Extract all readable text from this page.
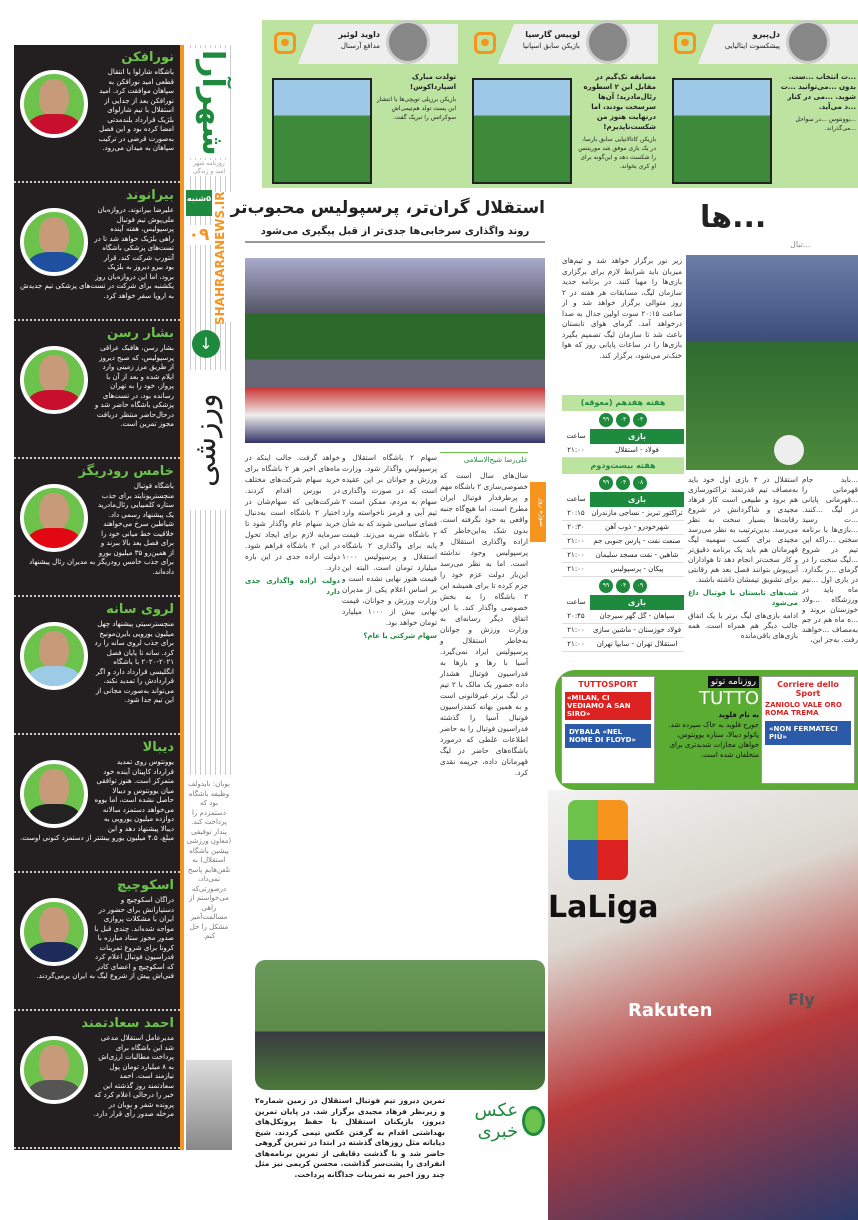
نورافکن

باشگاه شارلوا با انتقال قطعی امید نورافکن به سپاهان موافقت کرد. امید نورافکن بعد از جدایی از استقلال با تیم شارلوای بلژیک قرارداد بلندمدتی امضا کرده بود و این فصل به‌صورت قرضی در ترکیب سپاهان به میدان می‌رود.

بیرانوند

علیرضا بیرانوند، دروازه‌بان ملی‌پوش تیم فوتبال پرسپولیس، هفته آینده راهی بلژیک خواهد شد تا در تست‌های پزشکی باشگاه آنتورپ شرکت کند. قرار بود بیرو دیروز به بلژیک برود، اما این دروازه‌بان روز یکشنبه برای شرکت در تست‌های پزشکی تیم جدیدش به اروپا سفر خواهد کرد.

بشار رسن

بشار رسن، هافبک عراقی پرسپولیس، که صبح دیروز از طریق مرز زمینی وارد ایلام شده و بعد از آن با پرواز، خود را به تهران رسانده بود، در تست‌های پزشکی باشگاه حاضر شد و درحال‌حاضر منتظر دریافت مجوز تمرین است.

خامس رودریگز

باشگاه فوتبال منچستریونایتد برای جذب ستاره کلمبیایی رئال‌مادرید یک پیشنهاد رسمی داد. شیاطین سرخ می‌خواهند خلاقیت خط میانی خود را برای فصل بعد بالا ببرند و از همین‌رو ۳۵ میلیون یورو برای جذب خامس رودریگز به مدیران رئال پیشنهاد داده‌اند.

لروی سانه

منچسترسیتی پیشنهاد چهل میلیون یورویی بایرن‌مونیخ برای جذب لروی سانه را رد کرد. سانه تا پایان فصل ۲۰۲۱-۲۰۲۰ با باشگاه انگلیسی قرارداد دارد و اگر قراردادش را تمدید نکند، می‌تواند به‌صورت مجانی از این تیم جدا شود.

دیبالا

یوونتوس روی تمدید قرارداد کاپیتان آینده خود متمرکز است. هنوز توافقی میان یوونتوس و دیبالا حاصل نشده است، اما یووه می‌خواهد دستمزد سالانه دوازده میلیون یورویی به دیبالا پیشنهاد دهد و این مبلغ، ۴.۵ میلیون یورو بیشتر از دستمزد کنونی اوست.

اسکوچیچ

دراگان اسکوچیچ و دستیارانش برای حضور در ایران با مشکلات پروازی مواجه شده‌اند. چندی قبل با صدور مجوز ستاد مبارزه با کرونا برای شروع تمرینات فدراسیون فوتبال اعلام کرد که اسکوچیچ و اعضای کادر فنی‌اش پیش از شروع لیگ به ایران برمی‌گردند.

احمد سعادتمند

مدیرعامل استقلال مدعی شد این باشگاه برای پرداخت مطالبات ارزی‌اش به ۸ میلیارد تومان پول نیازمند است. احمد سعادتمند روز گذشته این خبر را درحالی اعلام کرد که پرونده شفر و بوبان در مرحله صدور رأی قرار دارد.

شهرآرا
روزنامه شهر امید و زندگی
۵شنبه
۰۹ SHAHRARANEWS.IR
↓
ورزشی
بوبان: نایدولف وظیفه باشگاه بود که دستمزدم را پرداخت کند. پندار توفیقی (معاون ورزشی پیشین باشگاه استقلال) به تلفن‌هایم پاسخ نمی‌داد، درصورتی‌که می‌خواستم از راهی مسالمت‌آمیز مشکل را حل کنم.
دل‌پیرو
پیشکسوت ایتالیایی
●
...ت انتخاب ...ست. بدون ...می‌توانید ...ت شوید. ...می در کنار ...د می‌آید.
...یوونتوس ...در سواحل ...می‌گذراند.
لوییس گارسیا
بازیکن سابق اسپانیا
●
مسابقه تک‌گیم در مقابل این ۲ اسطوره رئال‌مادرید؛ آن‌ها سرسخت بودند، اما درنهایت هنوز من شکست‌ناپذیرم!
بازیکن کاتالانیایی سابق بارسا، در یک بازی موفق شد موریتنس را شکست دهد و این‌گونه برای او کری بخواند.
داوید لوئیز
مدافع آرسنال
●
تولدت مبارک اسپارداکوس!
بازیکن برزیلی توپچی‌ها با انتشار این پست تولد هم‌تیمی‌اش سوکراتس را تبریک گفت.
استقلال گران‌تر، پرسپولیس محبوب‌تر
روند واگذاری سرخابی‌ها جدی‌تر از قبل پیگیری می‌شود
علی‌رضا شیخ‌الاسلامی
سال‌های سال است که خصوصی‌سازی ۲ باشگاه مهم و پرطرفدار فوتبال ایران مطرح است، اما هیچ‌گاه جنبه واقعی به خود نگرفته است. بدون شک به‌این‌خاطر که اراده واگذاری استقلال و پرسپولیس وجود نداشته است. اما به نظر می‌رسد این‌بار دولت عزم خود را جزم کرده تا برای همیشه این ۲ باشگاه را به بخش خصوصی واگذار کند. با این اتفاق دیگر رسانه‌ای به وزارت ورزش و جوانان به‌خاطر استقلال و پرسپولیس ایراد نمی‌گیرد. آسیا با رها و بارها به فدراسیون فوتبال هشدار داده حضور یک مالک با ۲ تیم در لیگ برتر غیرقانونی است و به همین بهانه کنفدراسیون فوتبال آسیا را گذشته فدراسیون فوتبال را به حاضر اطلاعات غلطی که درمورد باشگاه‌های حاضر در لیگ قهرمانان داده، جریمه نقدی کرد.
سوژه روز
سهام ۲ باشگاه استقلال و پرسپولیس واگذار شود. وزارت ورزش و جوانان بر این عقیده است که در صورت واگذاری سهام به مردم، ممکن است ۲ تیم آبی و قرمز ناخواسته وارد فضای سیاسی شوند که به شأن ۲ باشگاه ضربه می‌زند. قیمت پایه برای واگذاری ۲ باشگاه استقلال و پرسپولیس ۱۰۰۰ میلیارد تومان است. البته این قیمت هنوز نهایی نشده است و بر اساس اعلام یکی از مدیران وزارت ورزش و جوانان، قیمت نهایی بیش از ۱۰۰۰ میلیارد تومان خواهد بود.
سهام شرکتی یا عام؟
خواهد گرفت. جالب اینکه در ماه‌های اخیر هر ۲ باشگاه برای خرید سهام شرکت‌های مختلف در بورس اقدام کردند. شرکت‌هایی که سهام‌شان در اختیار ۲ باشگاه است به‌دنبال خرید سهام عام واگذار شود تا سرمایه لازم برای ایجاد تحول در این ۲ باشگاه فراهم شود. دولت اراده جدی در این باره دارد.
دولت اراده واگذاری جدی دارد
تمرین دیروز تیم فوتبال استقلال در زمین شماره۲ و زیرنظر فرهاد مجیدی برگزار شد. در پایان تمرین دیروز، بازیکنان استقلال با حفظ پروتکل‌های بهداشتی اقدام به گرفتن عکس تیمی کردند. شیخ دیاباته مثل روزهای گذشته در ابتدا در تمرین گروهی حاضر شد و با گذشت دقایقی از تمرین برنامه‌های انفرادی را پشت‌سر گذاشت. محسن کریمی نیز مثل چند روز اخیر به تمرینات جداگانه پرداخت.
عکس خبری
زیر نور برگزار خواهد شد و تیم‌های میزبان باید شرایط لازم برای برگزاری بازی‌ها را مهیا کنند. در برنامه جدید سازمان لیگ، مسابقات هر هفته در ۲ روز متوالی برگزار خواهد شد و از ساعت ۲۰:۱۵ سوت اولین جدال به صدا درخواهد آمد. گرمای هوای تابستان باعث شد تا سازمان لیگ تصمیم بگیرد بازی‌ها را در ساعات پایانی روز که هوا خنک‌تر می‌شود، برگزار کند.
هفته هفدهم (معوقه)
۰۴
۰۴
۹۹
بازی
ساعت
فولاد - استقلال
۲۱:۰۰
هفته بیست‌ودوم
۰۸
۰۴
۹۹
بازی
ساعت
تراکتور تبریز - نساجی مازندران
۲۰:۱۵
شهرخودرو - ذوب آهن
۲۰:۳۰
صنعت نفت - پارس جنوبی جم
۲۱:۰۰
شاهین - نفت مسجد سلیمان
۲۱:۰۰
پیکان - پرسپولیس
۲۱:۰۰
۰۹
۰۴
۹۹
بازی
ساعت
سپاهان - گل گهر سیرجان
۲۰:۴۵
فولاد خوزستان - ماشین سازی
۲۱:۰۰
استقلال تهران - سایپا تهران
۲۱:۰۰
...ها
...تبال
استقلال در ۴ بازی اول خود باید به‌مصاف تیم قدرتمند تراکتورسازی هم برود و طبیعی است کار فرهاد مجیدی و شاگردانش در شروع رقابت‌ها بسیار سخت به نظر می‌رسد. بدین‌ترتیب به نظر می‌رسد مجیدی برای کسب سهمیه لیگ قهرمانان هم باید یک برنامه دقیق‌تر و کار سخت‌تر انجام دهد تا هواداران آبی‌پوش بتوانند فصل بعد هم رقابتی برای تشویق تیمشان داشته باشند.
شب‌های تابستان با فوتبال داغ می‌شود
ادامه بازی‌های لیگ برتر با یک اتفاق جالب دیگر هم همراه است. همه بازی‌های باقی‌مانده
...باید جام قهرمانی را ...قهرمانی پایانی در لیگ ...کنند. ...ت رسید ...بازی‌ها با برنامه سختی ...راکه این تیم در شروع ...لیگ سخت را در گرمای ...ر بگذارد. در بازی اول ...تیم ماه باید در ورزشگاه ...ولاد خوزستان بروند و ...ه ماه هم در جم به‌مصاف ...خواهند رفت. به‌جز این،
TUTTOSPORT
«MILAN, CI VEDIAMO A SAN SIRO»
DYBALA «NEL NOME DI FLOYD»
روزنامه توتو
TUTTO
به نام فلوید
جورج فلوید به خاک سپرده شد. پائولو دیبالا، ستاره یوونتوس، خواهان مجازات شدیدتری برای متخلفان شده است.
Corriere dello Sport
ZANIOLO VALE ORO ROMA TREMA
«NON FERMATECI PIÙ»
LaLiga
Rakuten
Fly
